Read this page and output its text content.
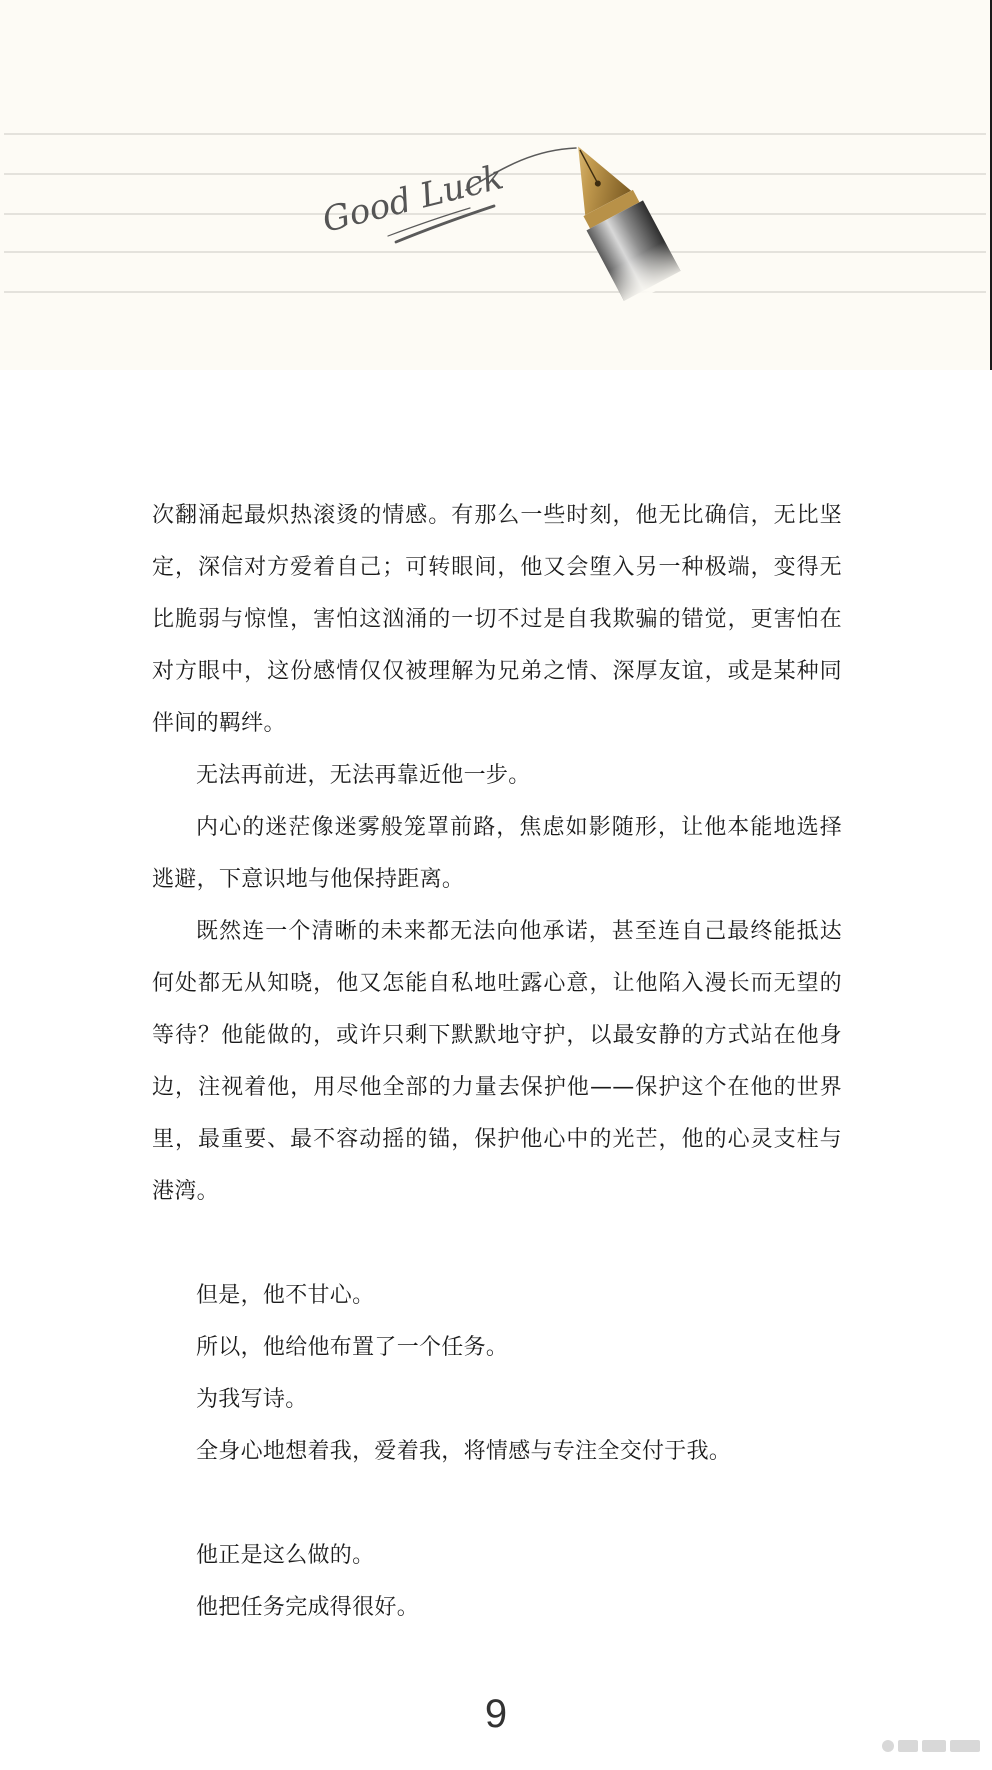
Good Luck

次翻涌起最炽热滚烫的情感。有那么一些时刻，他无比确信，无比坚定，深信对方爱着自己；可转眼间，他又会堕入另一种极端，变得无比脆弱与惊惶，害怕这汹涌的一切不过是自我欺骗的错觉，更害怕在对方眼中，这份感情仅仅被理解为兄弟之情、深厚友谊，或是某种同伴间的羁绊。

无法再前进，无法再靠近他一步。

内心的迷茫像迷雾般笼罩前路，焦虑如影随形，让他本能地选择逃避，下意识地与他保持距离。

既然连一个清晰的未来都无法向他承诺，甚至连自己最终能抵达何处都无从知晓，他又怎能自私地吐露心意，让他陷入漫长而无望的等待？他能做的，或许只剩下默默地守护，以最安静的方式站在他身边，注视着他，用尽他全部的力量去保护他——保护这个在他的世界里，最重要、最不容动摇的锚，保护他心中的光芒，他的心灵支柱与港湾。

但是，他不甘心。

所以，他给他布置了一个任务。

为我写诗。

全身心地想着我，爱着我，将情感与专注全交付于我。

他正是这么做的。

他把任务完成得很好。

9
